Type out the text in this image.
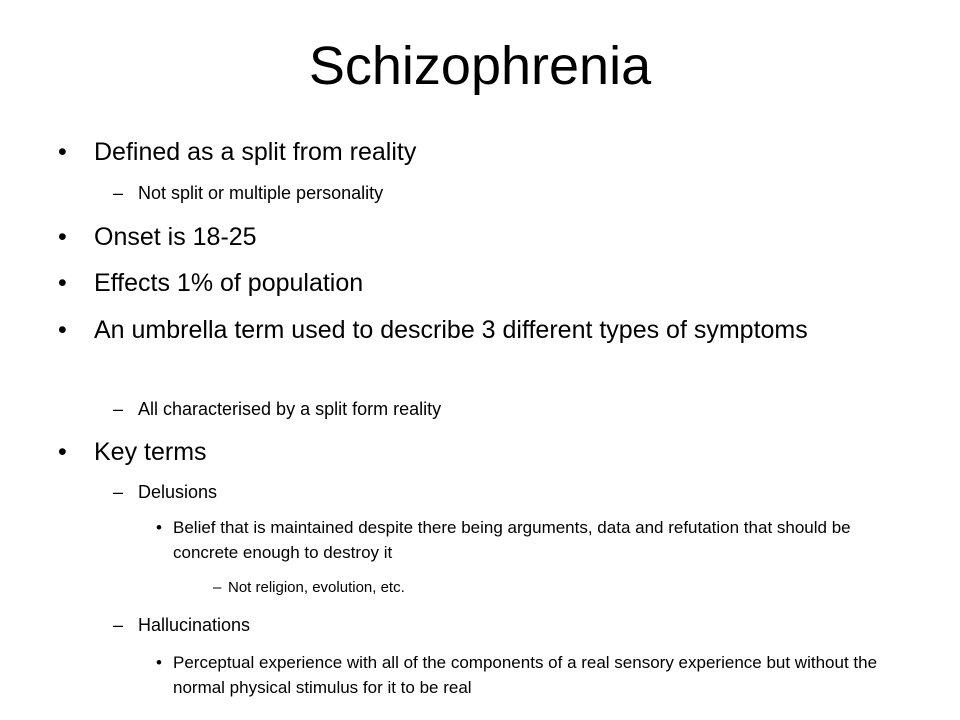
Schizophrenia
• Defined as a split from reality
– Not split or multiple personality
• Onset is 18-25
• Effects 1% of population
• An umbrella term used to describe 3 different types of symptoms
– All characterised by a split form reality
• Key terms
– Delusions
• Belief that is maintained despite there being arguments, data and refutation that should be concrete enough to destroy it
– Not religion, evolution, etc.
– Hallucinations
• Perceptual experience with all of the components of a real sensory experience but without the normal physical stimulus for it to be real
